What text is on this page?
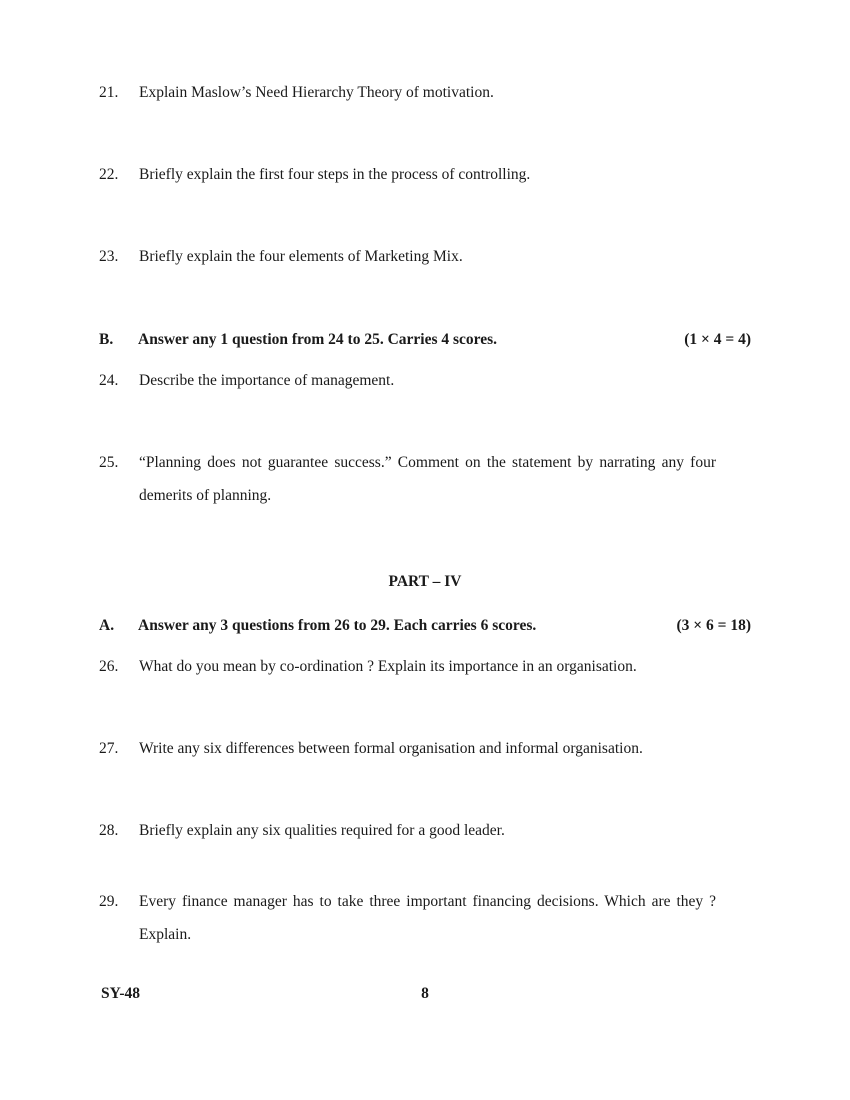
21. Explain Maslow’s Need Hierarchy Theory of motivation.
22. Briefly explain the first four steps in the process of controlling.
23. Briefly explain the four elements of Marketing Mix.
B. Answer any 1 question from 24 to 25. Carries 4 scores.	(1 × 4 = 4)
24. Describe the importance of management.
25. “Planning does not guarantee success.” Comment on the statement by narrating any four demerits of planning.
PART – IV
A. Answer any 3 questions from 26 to 29. Each carries 6 scores.	(3 × 6 = 18)
26. What do you mean by co-ordination ? Explain its importance in an organisation.
27. Write any six differences between formal organisation and informal organisation.
28. Briefly explain any six qualities required for a good leader.
29. Every finance manager has to take three important financing decisions. Which are they ? Explain.
SY-48	8
